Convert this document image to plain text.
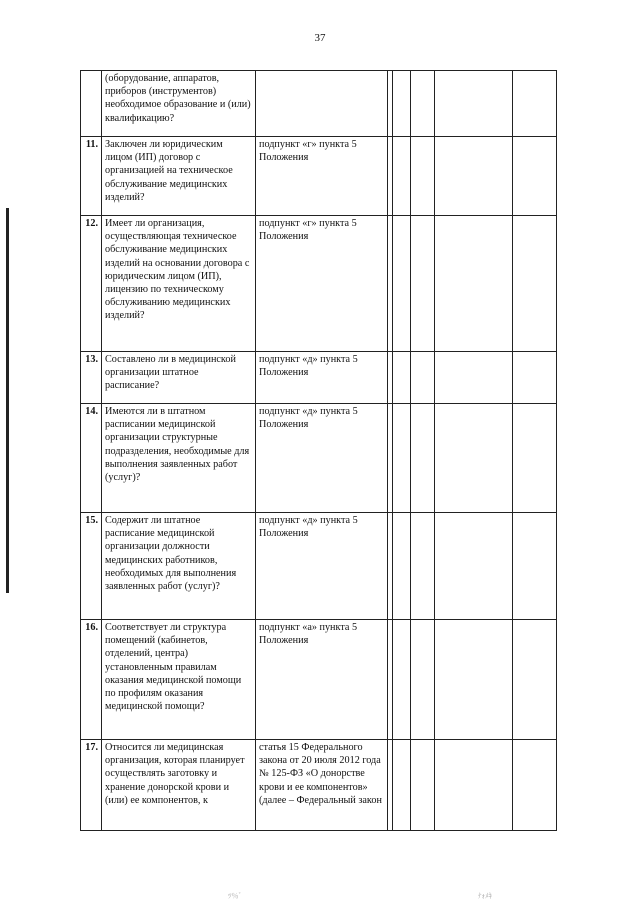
37
	(оборудование, аппаратов, приборов (инструментов) необходимое образование и (или) квалификацию?						
11.	Заключен ли юридическим лицом (ИП) договор с организацией на техническое обслуживание медицинских изделий?	подпункт «г» пункта 5 Положения					
12.	Имеет ли организация, осуществляющая техническое обслуживание медицинских изделий на основании договора с юридическим лицом (ИП), лицензию по техническому обслуживанию медицинских изделий?	подпункт «г» пункта 5 Положения					
13.	Составлено ли в медицинской организации штатное расписание?	подпункт «д» пункта 5 Положения					
14.	Имеются ли в штатном расписании медицинской организации структурные подразделения, необходимые для выполнения заявленных работ (услуг)?	подпункт «д» пункта 5 Положения					
15.	Содержит ли штатное расписание медицинской организации должности медицинских работников, необходимых для выполнения заявленных работ (услуг)?	подпункт «д» пункта 5 Положения					
16.	Соответствует ли структура помещений (кабинетов, отделений, центра) установленным правилам оказания медицинской помощи по профилям оказания медицинской помощи?	подпункт «а» пункта 5 Положения					
17.	Относится ли медицинская организация, которая планирует осуществлять заготовку и хранение донорской крови и (или) ее компонентов, к	статья 15 Федерального закона от 20 июля 2012 года № 125-ФЗ «О донорстве крови и ее компонентов» (далее – Федеральный закон					
ﾂ％ﾞ	ﾅｫﾒｷ
